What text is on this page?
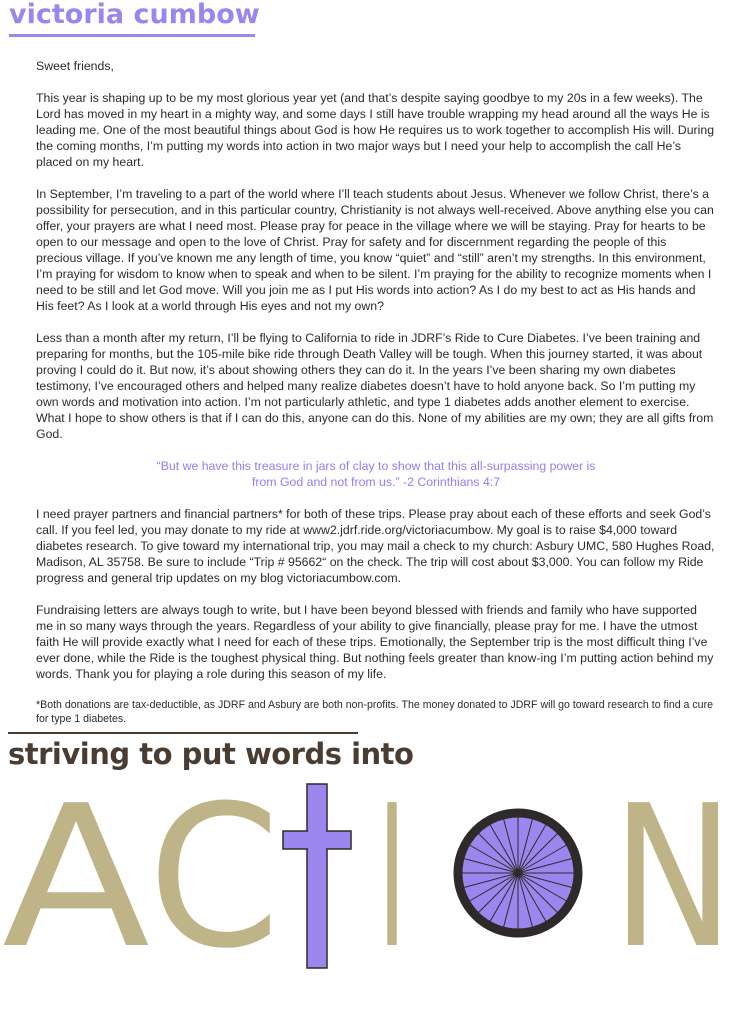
victoria cumbow

Sweet friends,

This year is shaping up to be my most glorious year yet (and that’s despite saying goodbye to my 20s in a few weeks). The Lord has moved in my heart in a mighty way, and some days I still have trouble wrapping my head around all the ways He is leading me. One of the most beautiful things about God is how He requires us to work together to accomplish His will. During the coming months, I’m putting my words into action in two major ways but I need your help to accomplish the call He’s placed on my heart.

In September, I’m traveling to a part of the world where I’ll teach students about Jesus. Whenever we follow Christ, there’s a possibility for persecution, and in this particular country, Christianity is not always well-received. Above anything else you can offer, your prayers are what I need most. Please pray for peace in the village where we will be staying. Pray for hearts to be open to our message and open to the love of Christ. Pray for safety and for discernment regarding the people of this precious village. If you’ve known me any length of time, you know “quiet” and “still” aren’t my strengths. In this environment, I’m praying for wisdom to know when to speak and when to be silent. I’m praying for the ability to recognize moments when I need to be still and let God move. Will you join me as I put His words into action? As I do my best to act as His hands and His feet? As I look at a world through His eyes and not my own?

Less than a month after my return, I’ll be flying to California to ride in JDRF’s Ride to Cure Diabetes. I’ve been training and preparing for months, but the 105-mile bike ride through Death Valley will be tough. When this journey started, it was about proving I could do it. But now, it’s about showing others they can do it. In the years I’ve been sharing my own diabetes testimony, I’ve encouraged others and helped many realize diabetes doesn’t have to hold anyone back. So I’m putting my own words and motivation into action. I’m not particularly athletic, and type 1 diabetes adds another element to exercise. What I hope to show others is that if I can do this, anyone can do this. None of my abilities are my own; they are all gifts from God.

“But we have this treasure in jars of clay to show that this all-surpassing power is
from God and not from us.” -2 Corinthians 4:7

I need prayer partners and financial partners* for both of these trips. Please pray about each of these efforts and seek God’s call. If you feel led, you may donate to my ride at www2.jdrf.ride.org/victoriacumbow. My goal is to raise $4,000 toward diabetes research. To give toward my international trip, you may mail a check to my church: Asbury UMC, 580 Hughes Road, Madison, AL 35758. Be sure to include “Trip # 95662“ on the check. The trip will cost about $3,000. You can follow my Ride progress and general trip updates on my blog victoriacumbow.com.

Fundraising letters are always tough to write, but I have been beyond blessed with friends and family who have supported me in so many ways through the years. Regardless of your ability to give financially, please pray for me. I have the utmost faith He will provide exactly what I need for each of these trips. Emotionally, the September trip is the most difficult thing I’ve ever done, while the Ride is the toughest physical thing. But nothing feels greater than know-ing I’m putting action behind my words. Thank you for playing a role during this season of my life.

*Both donations are tax-deductible, as JDRF and Asbury are both non-profits. The money donated to JDRF will go toward research to find a cure for type 1 diabetes.

striving to put words into
A
C I N
